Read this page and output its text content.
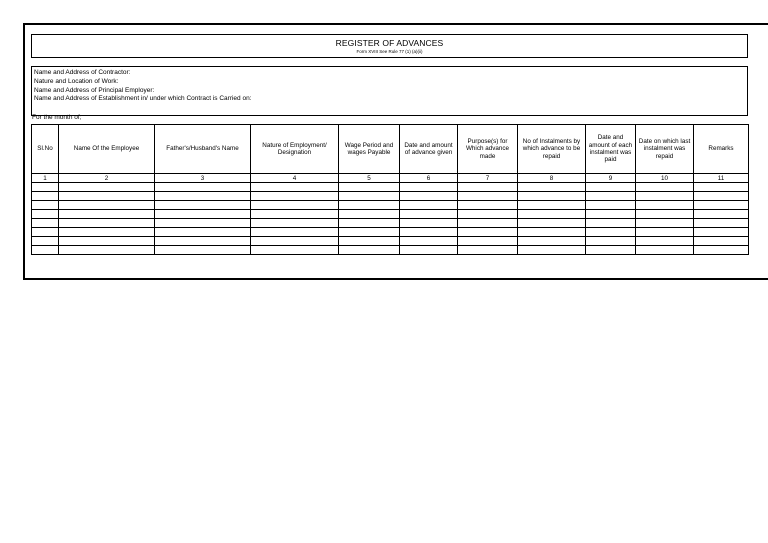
REGISTER OF ADVANCES
Form XVIII See Rule 77 (1) (a)(ii)
Name and Address of Contractor:
Nature and Location of Work:
Name and Address of Principal Employer:
Name and Address of Establishment in/ under which Contract is Carried on:
For the month of;
Sl.No	Name Of the Employee	Father's/Husband's Name	Nature of Employment/ Designation	Wage Period and wages Payable	Date and amount of advance given	Purpose(s) for Which advance made	No of Instalments by which advance to be repaid	Date and amount of each instalment was paid	Date on which last instalment was repaid	Remarks
1	2	3	4	5	6	7	8	9	10	11
